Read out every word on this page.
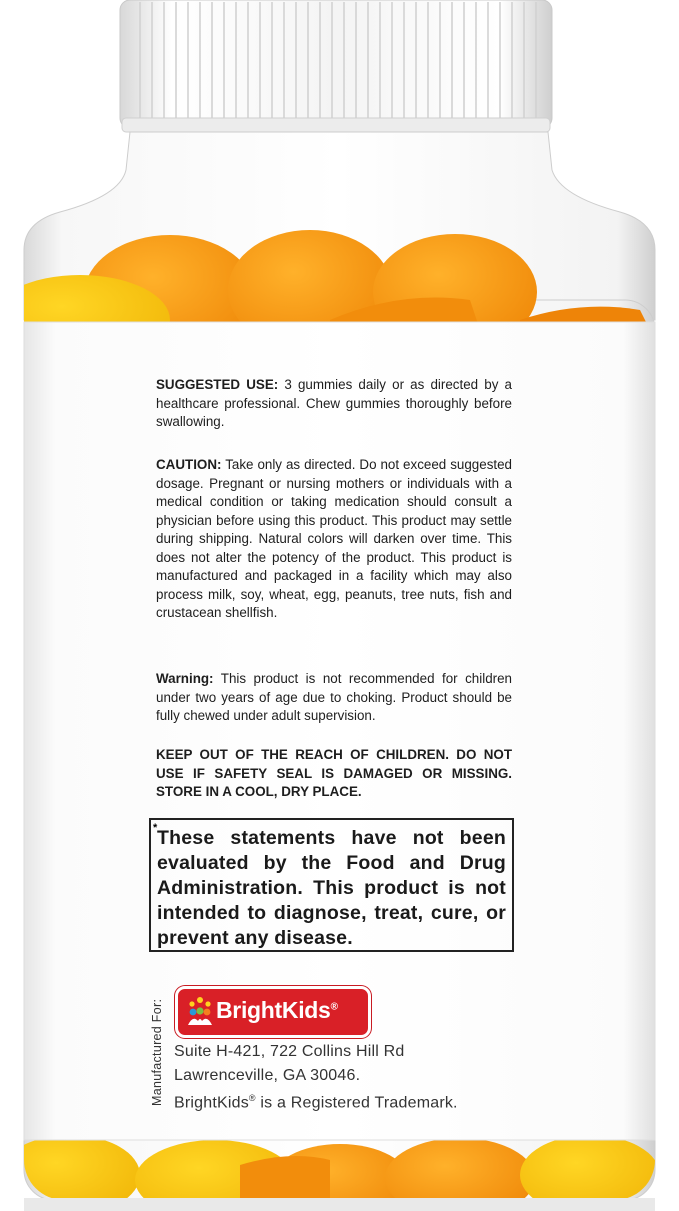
SUGGESTED USE: 3 gummies daily or as directed by a healthcare professional. Chew gummies thoroughly before swallowing.

CAUTION: Take only as directed. Do not exceed suggested dosage. Pregnant or nursing mothers or individuals with a medical condition or taking medication should consult a physician before using this product. This product may settle during shipping. Natural colors will darken over time. This does not alter the potency of the product. This product is manufactured and packaged in a facility which may also process milk, soy, wheat, egg, peanuts, tree nuts, fish and crustacean shellfish.

Warning: This product is not recommended for children under two years of age due to choking. Product should be fully chewed under adult supervision.

KEEP OUT OF THE REACH OF CHILDREN. DO NOT USE IF SAFETY SEAL IS DAMAGED OR MISSING. STORE IN A COOL, DRY PLACE.

* These statements have not been evaluated by the Food and Drug Administration. This product is not intended to diagnose, treat, cure, or prevent any disease.
Manufactured For: BrightKids®
Suite H-421, 722 Collins Hill Rd
Lawrenceville, GA 30046.
BrightKids® is a Registered Trademark.
